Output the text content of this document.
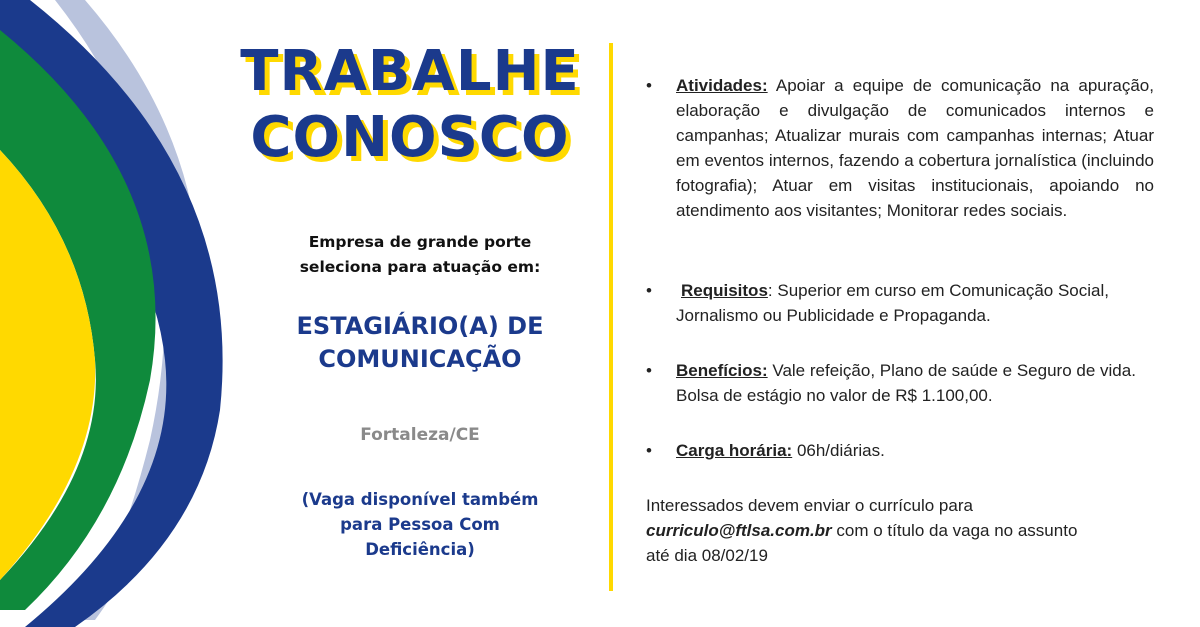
TRABALHE
CONOSCO
Empresa de grande porte
seleciona para atuação em:
ESTAGIÁRIO(A) DE
COMUNICAÇÃO
Fortaleza/CE
(Vaga disponível também
para Pessoa Com
Deficiência)
• Atividades: Apoiar a equipe de comunicação na apuração, elaboração e divulgação de comunicados internos e campanhas; Atualizar murais com campanhas internas; Atuar em eventos internos, fazendo a cobertura jornalística (incluindo fotografia); Atuar em visitas institucionais, apoiando no atendimento aos visitantes; Monitorar redes sociais.
• Requisitos: Superior em curso em Comunicação Social, Jornalismo ou Publicidade e Propaganda.
• Benefícios: Vale refeição, Plano de saúde e Seguro de vida. Bolsa de estágio no valor de R$ 1.100,00.
• Carga horária: 06h/diárias.
Interessados devem enviar o currículo para
curriculo@ftlsa.com.br com o título da vaga no assunto
até dia 08/02/19
